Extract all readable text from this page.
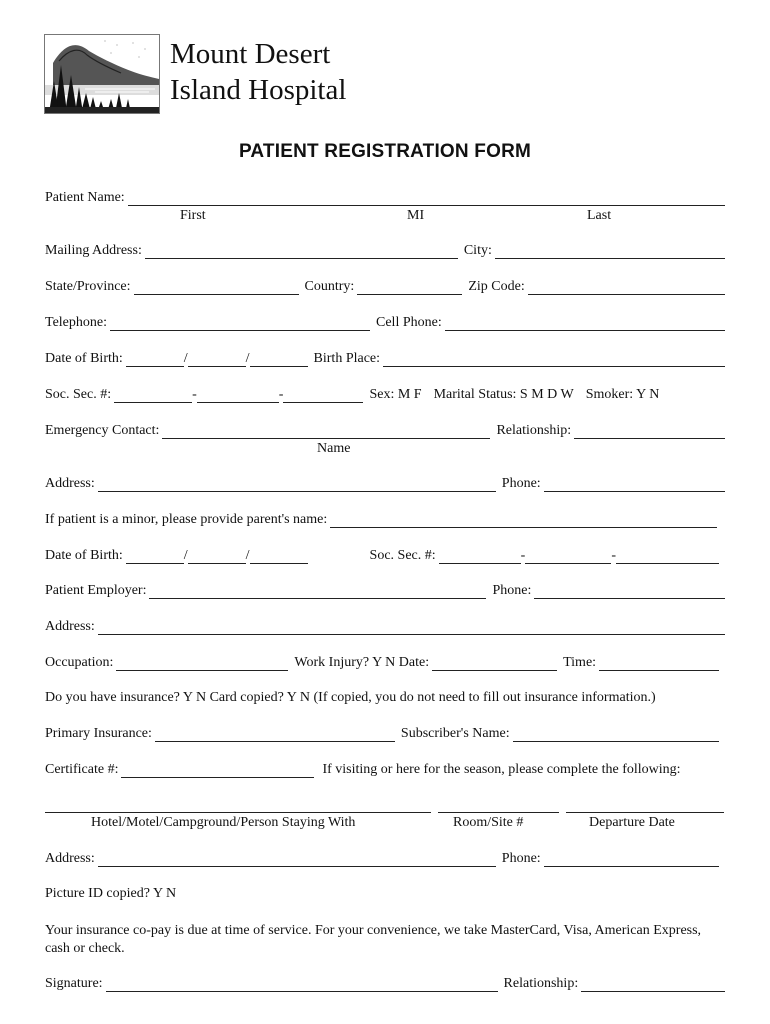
Mount Desert
Island Hospital
PATIENT REGISTRATION FORM
Patient Name:
First	MI	Last
Mailing Address:	City:
State/Province:	Country:	Zip Code:
Telephone:	Cell Phone:
Date of Birth:	/	/	Birth Place:
Soc. Sec. #:	-	-	Sex: M F Marital Status: S M D W Smoker: Y N
Emergency Contact:	Relationship:
Name
Address:	Phone:
If patient is a minor, please provide parent's name:
Date of Birth:	/	/	Soc. Sec. #:	-	-
Patient Employer:	Phone:
Address:
Occupation:	Work Injury? Y N Date:	Time:
Do you have insurance? Y N Card copied? Y N (If copied, you do not need to fill out insurance information.)
Primary Insurance:	Subscriber's Name:
Certificate #:	If visiting or here for the season, please complete the following:
Hotel/Motel/Campground/Person Staying With	Room/Site #	Departure Date
Address:	Phone:
Picture ID copied? Y N
Your insurance co-pay is due at time of service. For your convenience, we take MasterCard, Visa, American Express, cash or check.
Signature:	Relationship:
